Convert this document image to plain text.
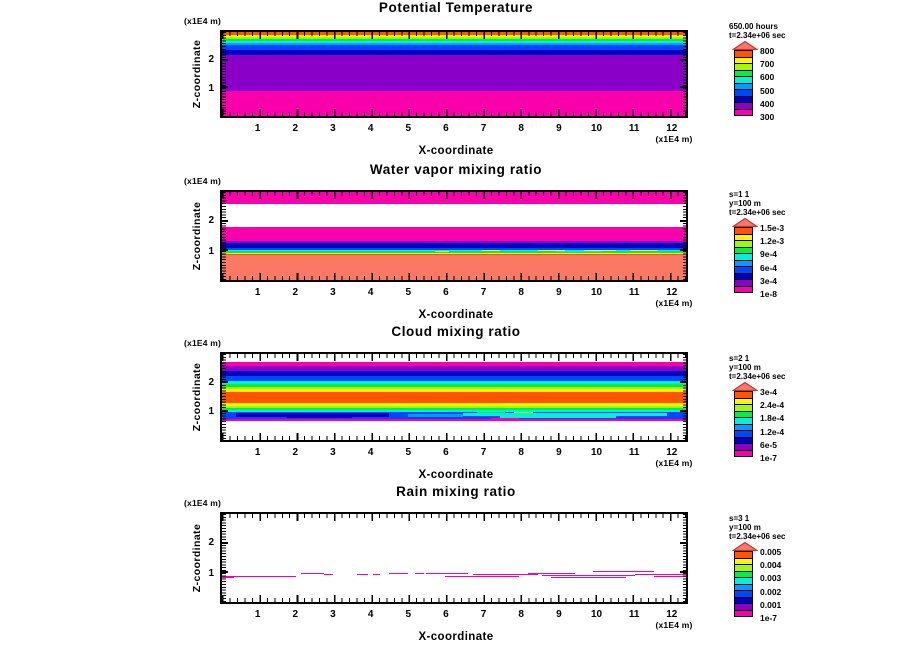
Potential Temperature
(x1E4 m)
Z-coordinate 2
1
1	2	3	4	5	6	7	8	9	10	11	12
(x1E4 m)
X-coordinate
650.00 hours
t=2.34e+06 sec
800
700
600
500
400
300
Water vapor mixing ratio
(x1E4 m)
Z-coordinate 2
1
1	2	3	4	5	6	7	8	9	10	11	12
(x1E4 m)
X-coordinate
s=1 1
y=100 m
t=2.34e+06 sec
1.5e-3
1.2e-3
9e-4
6e-4
3e-4
1e-8
Cloud mixing ratio
(x1E4 m)
Z-coordinate 2
1
1	2	3	4	5	6	7	8	9	10	11	12
(x1E4 m)
X-coordinate
s=2 1
y=100 m
t=2.34e+06 sec
3e-4
2.4e-4
1.8e-4
1.2e-4
6e-5
1e-7
Rain mixing ratio
(x1E4 m)
Z-coordinate 2
1
1	2	3	4	5	6	7	8	9	10	11	12
(x1E4 m)
X-coordinate
s=3 1
y=100 m
t=2.34e+06 sec
0.005
0.004
0.003
0.002
0.001
1e-7
